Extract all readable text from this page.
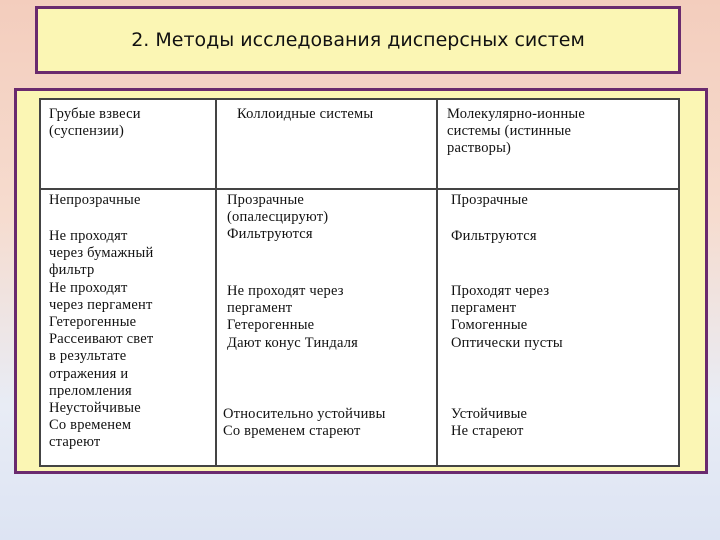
2. Методы исследования дисперсных систем
Грубые взвеси
(суспензии)
Коллоидные системы	Молекулярно-ионные
системы (истинные
растворы)
Непрозрачные
Не проходят
через бумажный
фильтр
Не проходят
через пергамент
Гетерогенные
Рассеивают свет
в результате
отражения и
преломления
Неустойчивые
Со временем
стареют
Прозрачные
(опалесцируют)
Фильтруются
Не проходят через
пергамент
Гетерогенные
Дают конус Тиндаля
Относительно устойчивы
Со временем стареют
Прозрачные
Фильтруются
Проходят через
пергамент
Гомогенные
Оптически пусты
Устойчивые
Не стареют
